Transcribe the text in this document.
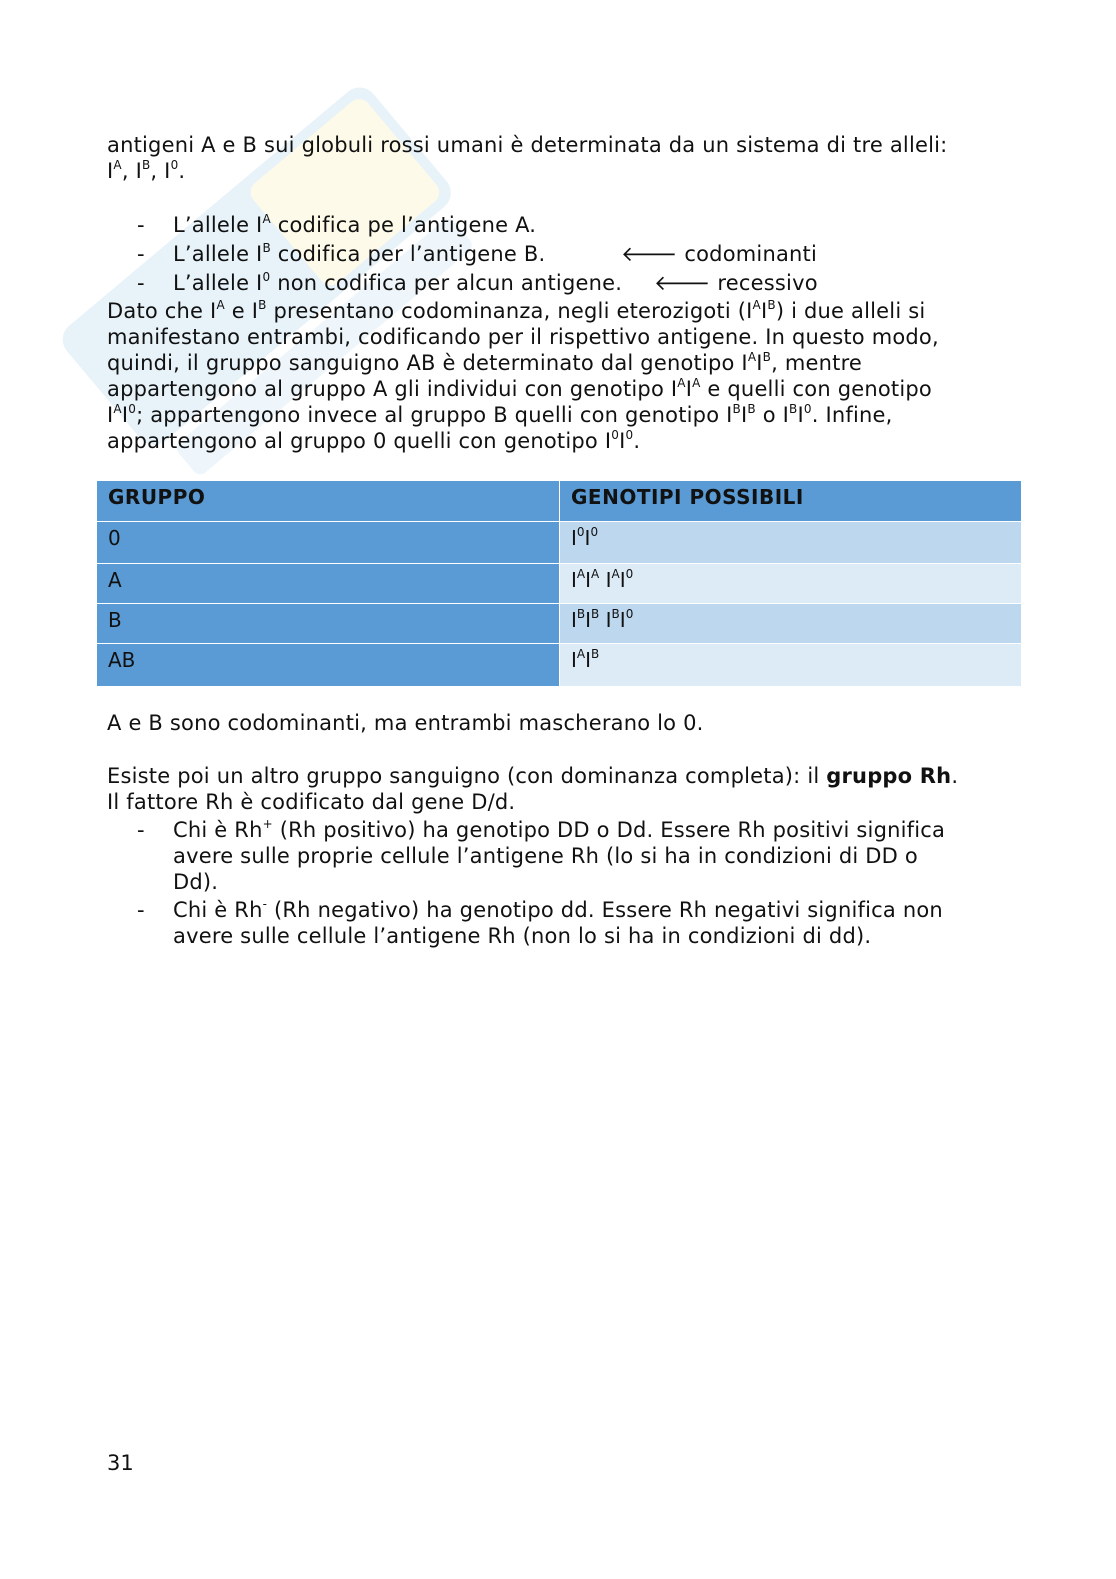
antigeni A e B sui globuli rossi umani è determinata da un sistema di tre alleli:
$I^A$, $I^B$, $I^0$.
- L’allele $I^A$ codifica pe l’antigene A.
- L’allele $I^B$ codifica per l’antigene B.	🡐 codominanti
- L’allele $I^0$ non codifica per alcun antigene. 🡐 recessivo
Dato che $I^A$ e $I^B$ presentano codominanza, negli eterozigoti $(I^AI^B)$ i due alleli si
manifestano entrambi, codificando per il rispettivo antigene. In questo modo,
quindi, il gruppo sanguigno AB è determinato dal genotipo $I^AI^B$, mentre
appartengono al gruppo A gli individui con genotipo $I^AI^A$ e quelli con genotipo
$I^AI^0$; appartengono invece al gruppo B quelli con genotipo $I^BI^B$ o $I^BI^0$. Infine,
appartengono al gruppo 0 quelli con genotipo $I^0I^0$.
GRUPPO	GENOTIPI POSSIBILI
0	$I^0I^0$
A	$I^AI^A$ $I^AI^0$
B	$I^BI^B$ $I^BI^0$
AB	$I^AI^B$
A e B sono codominanti, ma entrambi mascherano lo 0.
Esiste poi un altro gruppo sanguigno (con dominanza completa): il gruppo Rh.
Il fattore Rh è codificato dal gene D/d.
- Chi è Rh+ (Rh positivo) ha genotipo DD o Dd. Essere Rh positivi significa
avere sulle proprie cellule l’antigene Rh (lo si ha in condizioni di DD o
Dd).
- Chi è Rh- (Rh negativo) ha genotipo dd. Essere Rh negativi significa non
avere sulle cellule l’antigene Rh (non lo si ha in condizioni di dd).
31
